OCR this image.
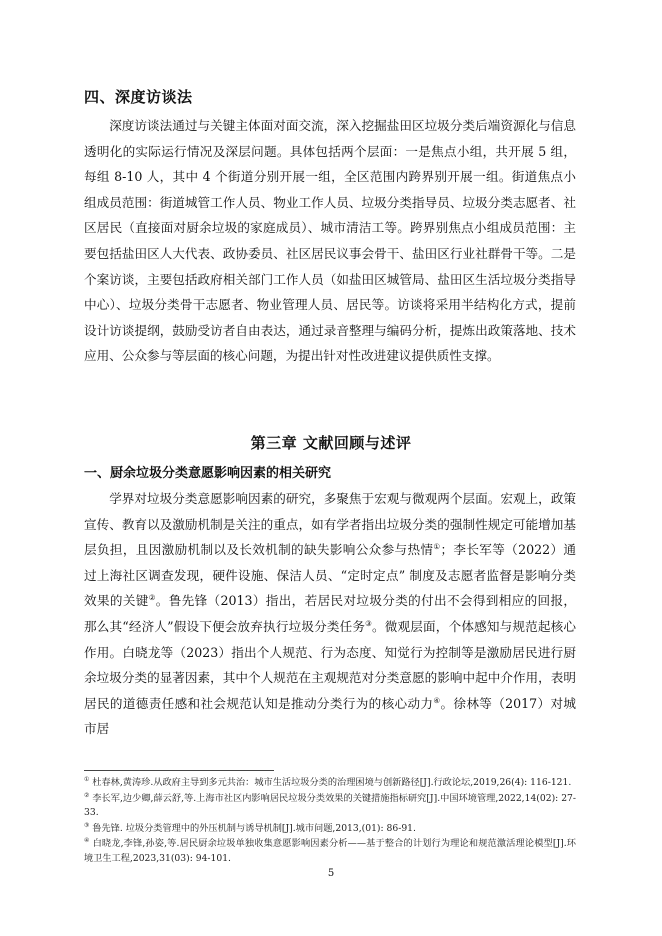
四、深度访谈法

深度访谈法通过与关键主体面对面交流，深入挖掘盐田区垃圾分类后端资源化与信息透明化的实际运行情况及深层问题。具体包括两个层面：一是焦点小组，共开展 5 组，每组 8-10 人，其中 4 个街道分别开展一组，全区范围内跨界别开展一组。街道焦点小组成员范围：街道城管工作人员、物业工作人员、垃圾分类指导员、垃圾分类志愿者、社区居民（直接面对厨余垃圾的家庭成员）、城市清洁工等。跨界别焦点小组成员范围：主要包括盐田区人大代表、政协委员、社区居民议事会骨干、盐田区行业社群骨干等。二是个案访谈，主要包括政府相关部门工作人员（如盐田区城管局、盐田区生活垃圾分类指导中心）、垃圾分类骨干志愿者、物业管理人员、居民等。访谈将采用半结构化方式，提前设计访谈提纲，鼓励受访者自由表达，通过录音整理与编码分析，提炼出政策落地、技术应用、公众参与等层面的核心问题，为提出针对性改进建议提供质性支撑。

第三章 文献回顾与述评
一、厨余垃圾分类意愿影响因素的相关研究

学界对垃圾分类意愿影响因素的研究，多聚焦于宏观与微观两个层面。宏观上，政策宣传、教育以及激励机制是关注的重点，如有学者指出垃圾分类的强制性规定可能增加基层负担，且因激励机制以及长效机制的缺失影响公众参与热情①；李长军等（2022）通过上海社区调查发现，硬件设施、保洁人员、“定时定点” 制度及志愿者监督是影响分类效果的关键②。鲁先锋（2013）指出，若居民对垃圾分类的付出不会得到相应的回报，那么其“经济人”假设下便会放弃执行垃圾分类任务③。微观层面，个体感知与规范起核心作用。白晓龙等（2023）指出个人规范、行为态度、知觉行为控制等是激励居民进行厨余垃圾分类的显著因素，其中个人规范在主观规范对分类意愿的影响中起中介作用，表明居民的道德责任感和社会规范认知是推动分类行为的核心动力④。徐林等（2017）对城市居

① 杜春林,黄涛珍.从政府主导到多元共治：城市生活垃圾分类的治理困境与创新路径[J].行政论坛,2019,26(4): 116-121.

② 李长军,边少卿,薛云舒,等.上海市社区内影响居民垃圾分类效果的关键措施指标研究[J].中国环境管理,2022,14(02): 27-33.

③ 鲁先锋. 垃圾分类管理中的外压机制与诱导机制[J].城市问题,2013,(01): 86-91.

④ 白晓龙,李锋,孙姿,等.居民厨余垃圾单独收集意愿影响因素分析——基于整合的计划行为理论和规范激活理论模型[J].环境卫生工程,2023,31(03): 94-101.

5
